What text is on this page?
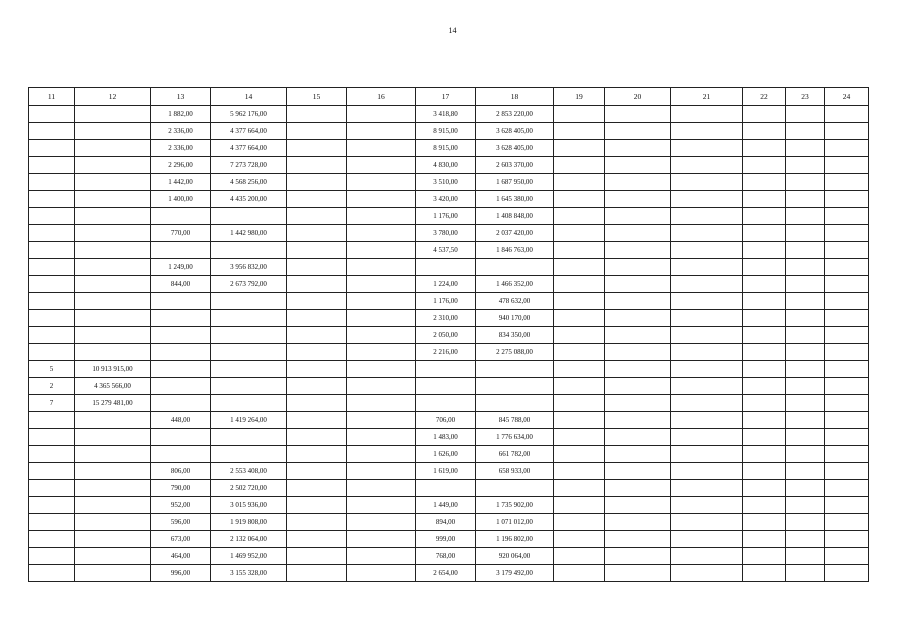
14
11	12	13	14	15	16	17	18	19	20	21	22	23	24
		1 882,00	5 962 176,00			3 418,80	2 853 220,00						
		2 336,00	4 377 664,00			8 915,00	3 628 405,00						
		2 336,00	4 377 664,00			8 915,00	3 628 405,00						
		2 296,00	7 273 728,00			4 830,00	2 603 370,00						
		1 442,00	4 568 256,00			3 510,00	1 687 950,00						
		1 400,00	4 435 200,00			3 420,00	1 645 380,00						
						1 176,00	1 408 848,00						
		770,00	1 442 980,00			3 780,00	2 037 420,00						
						4 537,50	1 846 763,00						
		1 249,00	3 956 832,00										
		844,00	2 673 792,00			1 224,00	1 466 352,00						
						1 176,00	478 632,00						
						2 310,00	940 170,00						
						2 050,00	834 350,00						
						2 216,00	2 275 088,00						
5	10 913 915,00												
2	4 365 566,00												
7	15 279 481,00												
		448,00	1 419 264,00			706,00	845 788,00						
						1 483,00	1 776 634,00						
						1 626,00	661 782,00						
		806,00	2 553 408,00			1 619,00	658 933,00						
		790,00	2 502 720,00										
		952,00	3 015 936,00			1 449,00	1 735 902,00						
		596,00	1 919 808,00			894,00	1 071 012,00						
		673,00	2 132 064,00			999,00	1 196 802,00						
		464,00	1 469 952,00			768,00	920 064,00						
		996,00	3 155 328,00			2 654,00	3 179 492,00						
